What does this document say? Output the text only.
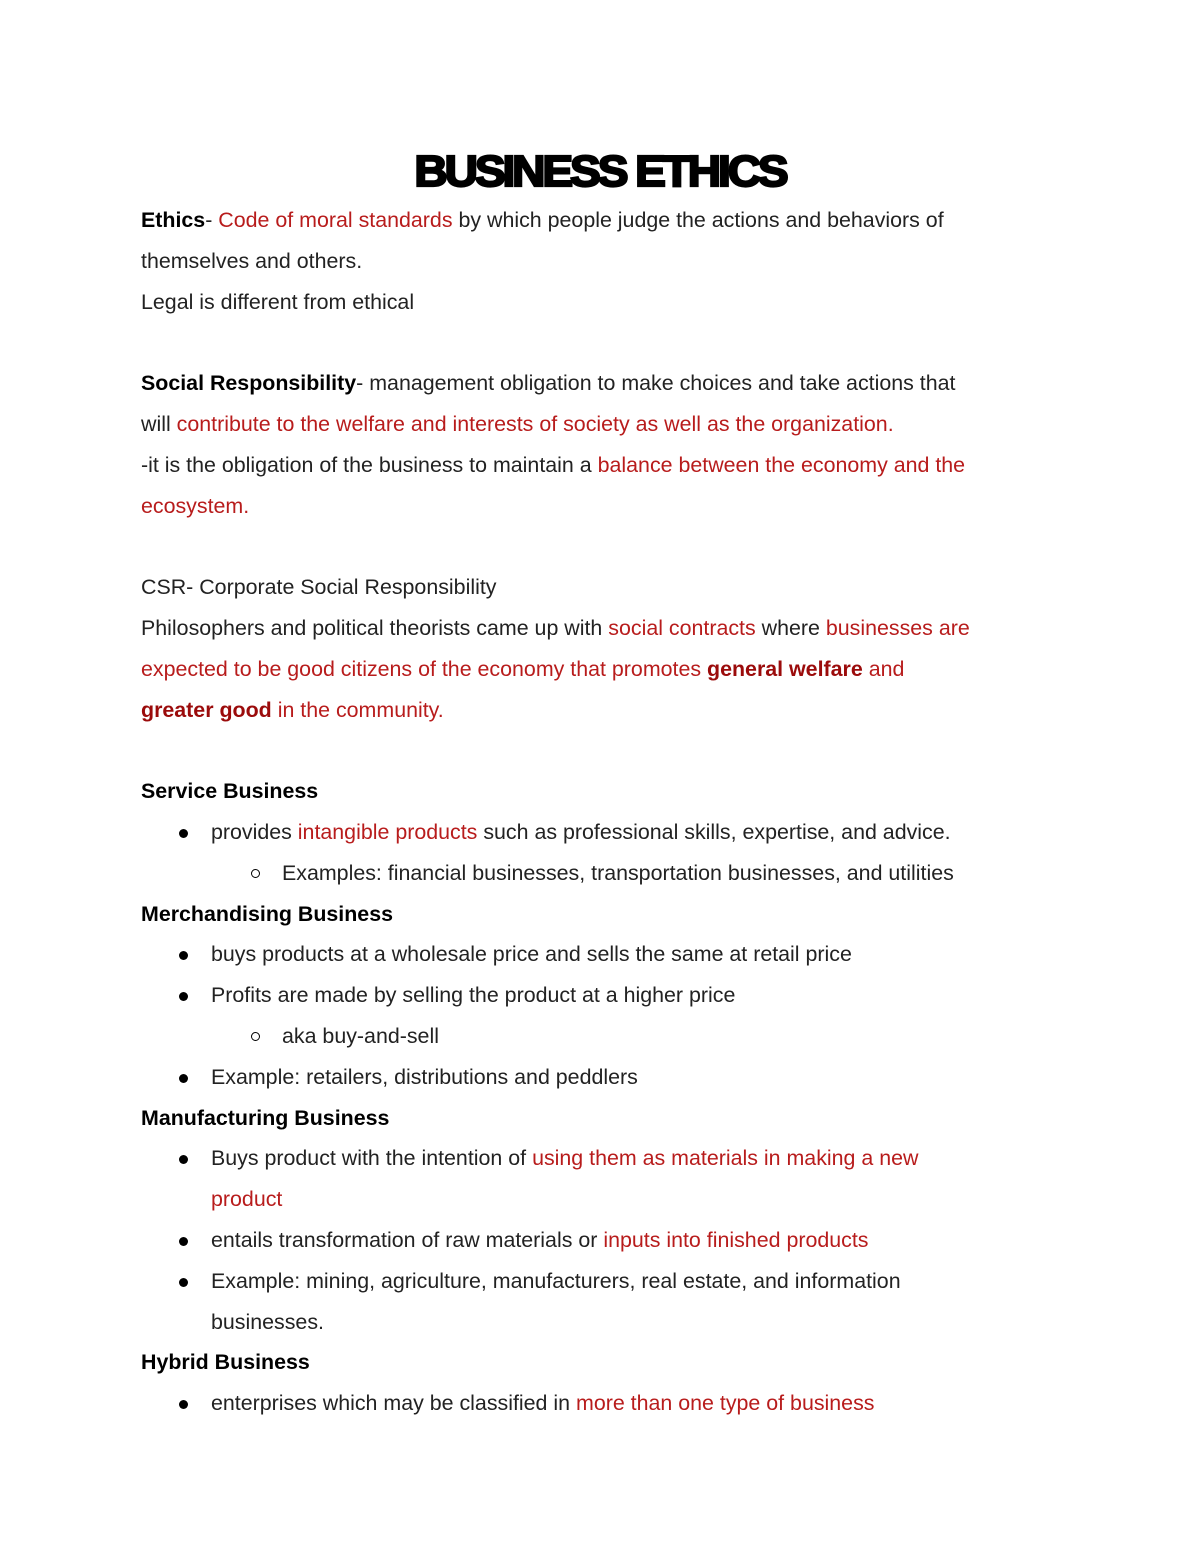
BUSINESS ETHICS
Ethics- Code of moral standards by which people judge the actions and behaviors of
themselves and others.
Legal is different from ethical
Social Responsibility- management obligation to make choices and take actions that
will contribute to the welfare and interests of society as well as the organization.
-it is the obligation of the business to maintain a balance between the economy and the
ecosystem.
CSR- Corporate Social Responsibility
Philosophers and political theorists came up with social contracts where businesses are
expected to be good citizens of the economy that promotes general welfare and
greater good in the community.
Service Business
provides intangible products such as professional skills, expertise, and advice.
Examples: financial businesses, transportation businesses, and utilities
Merchandising Business
buys products at a wholesale price and sells the same at retail price
Profits are made by selling the product at a higher price
aka buy-and-sell
Example: retailers, distributions and peddlers
Manufacturing Business
Buys product with the intention of using them as materials in making a new
product
entails transformation of raw materials or inputs into finished products
Example: mining, agriculture, manufacturers, real estate, and information
businesses.
Hybrid Business
enterprises which may be classified in more than one type of business
